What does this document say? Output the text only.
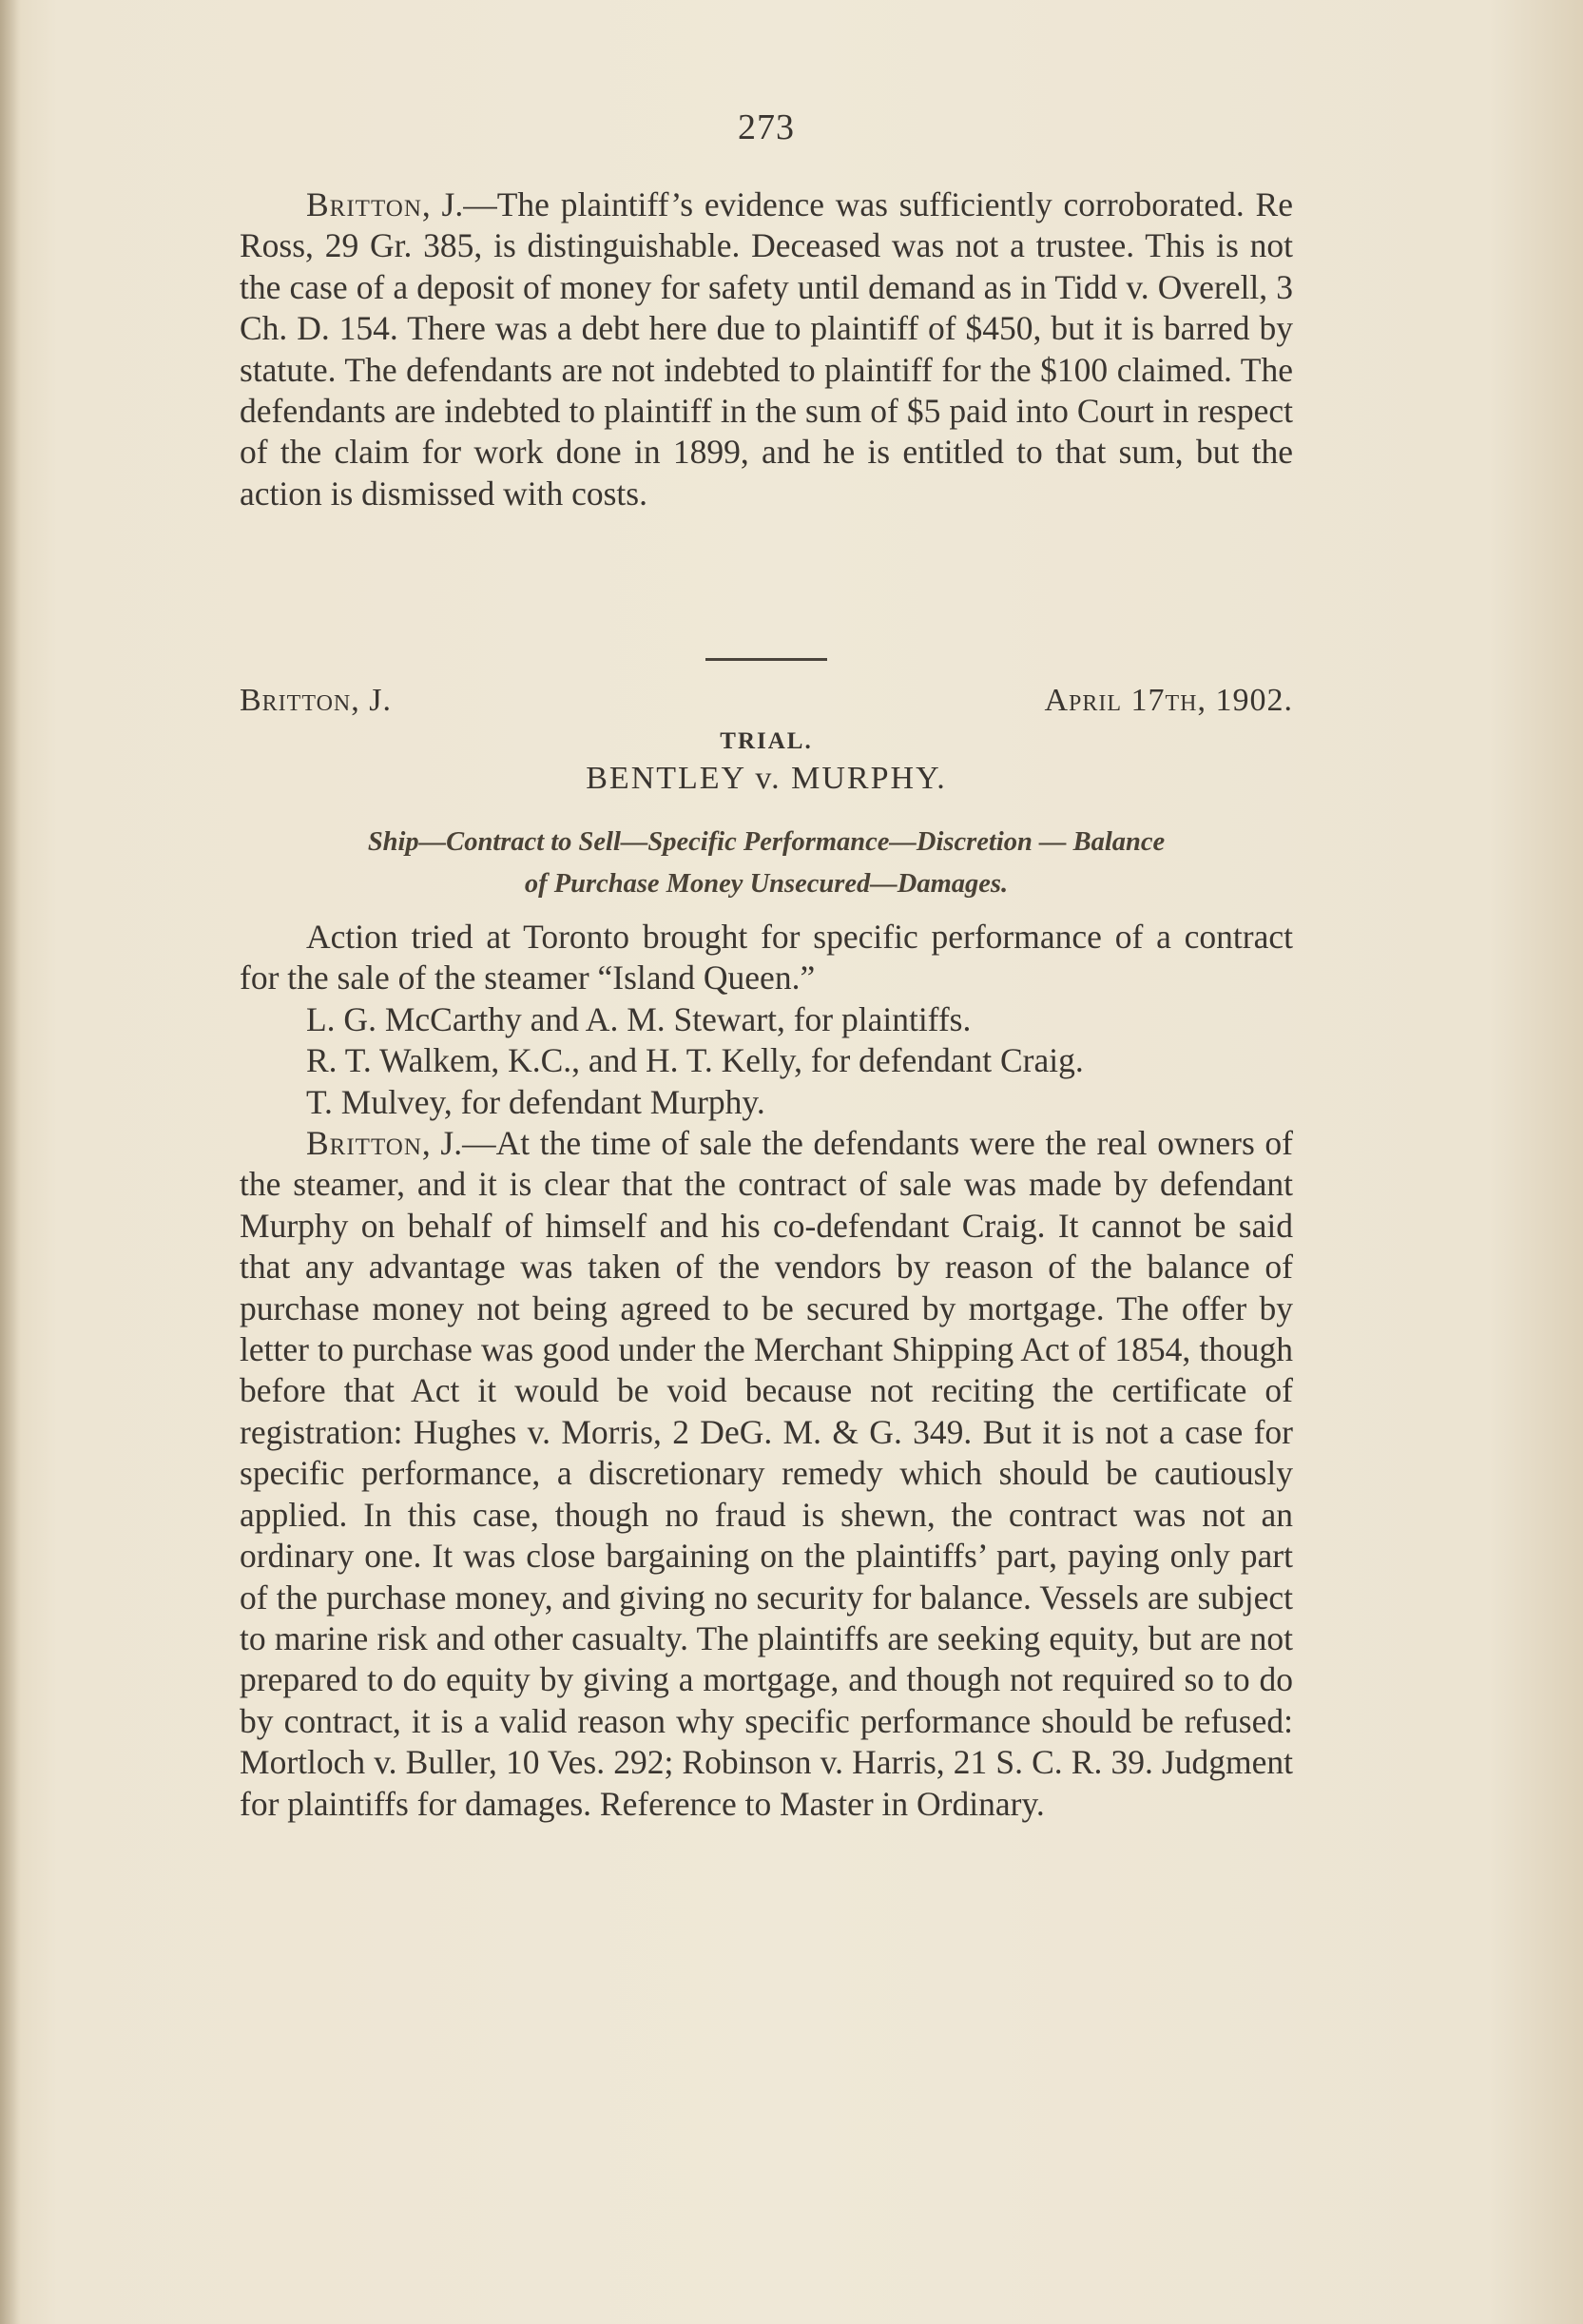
273

Britton, J.—The plaintiff’s evidence was sufficiently corroborated. Re Ross, 29 Gr. 385, is distinguishable. Deceased was not a trustee. This is not the case of a deposit of money for safety until demand as in Tidd v. Overell, 3 Ch. D. 154. There was a debt here due to plaintiff of $450, but it is barred by statute. The defendants are not indebted to plaintiff for the $100 claimed. The defendants are indebted to plaintiff in the sum of $5 paid into Court in respect of the claim for work done in 1899, and he is entitled to that sum, but the action is dismissed with costs.

Britton, J.	April 17th, 1902.
TRIAL.
BENTLEY v. MURPHY.
Ship—Contract to Sell—Specific Performance—Discretion — Balance
of Purchase Money Unsecured—Damages.

Action tried at Toronto brought for specific performance of a contract for the sale of the steamer “Island Queen.”

L. G. McCarthy and A. M. Stewart, for plaintiffs.

R. T. Walkem, K.C., and H. T. Kelly, for defendant Craig.

T. Mulvey, for defendant Murphy.

Britton, J.—At the time of sale the defendants were the real owners of the steamer, and it is clear that the contract of sale was made by defendant Murphy on behalf of himself and his co-defendant Craig. It cannot be said that any advantage was taken of the vendors by reason of the balance of purchase money not being agreed to be secured by mortgage. The offer by letter to purchase was good under the Merchant Shipping Act of 1854, though before that Act it would be void because not reciting the certificate of registration: Hughes v. Morris, 2 DeG. M. & G. 349. But it is not a case for specific performance, a discretionary remedy which should be cautiously applied. In this case, though no fraud is shewn, the contract was not an ordinary one. It was close bargaining on the plaintiffs’ part, paying only part of the purchase money, and giving no security for balance. Vessels are subject to marine risk and other casualty. The plaintiffs are seeking equity, but are not prepared to do equity by giving a mortgage, and though not required so to do by contract, it is a valid reason why specific performance should be refused: Mortloch v. Buller, 10 Ves. 292; Robinson v. Harris, 21 S. C. R. 39. Judgment for plaintiffs for damages. Reference to Master in Ordinary.
